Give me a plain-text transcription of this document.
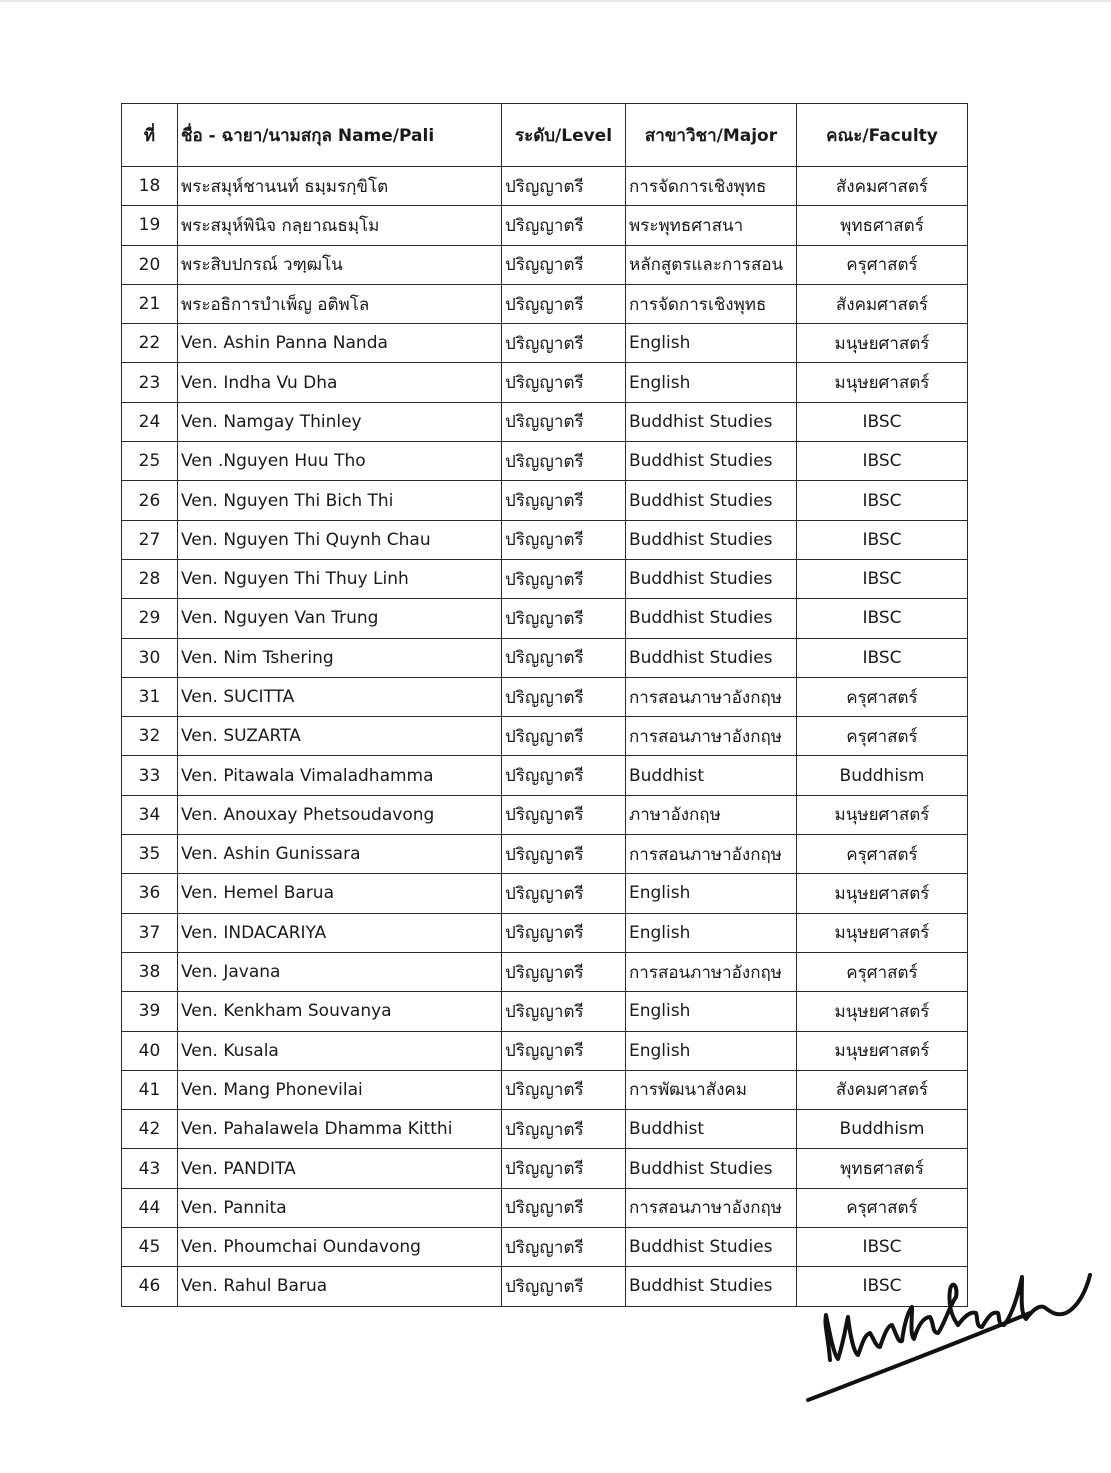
ที่	ชื่อ - ฉายา/นามสกุล Name/Pali	ระดับ/Level	สาขาวิชา/Major	คณะ/Faculty
18	พระสมุห์ชานนท์ ธมฺมรกฺขิโต	ปริญญาตรี	การจัดการเชิงพุทธ	สังคมศาสตร์
19	พระสมุห์พินิจ กลฺยาณธมฺโม	ปริญญาตรี	พระพุทธศาสนา	พุทธศาสตร์
20	พระสิบปกรณ์ วฑฺฒโน	ปริญญาตรี	หลักสูตรและการสอน	ครุศาสตร์
21	พระอธิการบำเพ็ญ อติพโล	ปริญญาตรี	การจัดการเชิงพุทธ	สังคมศาสตร์
22	Ven. Ashin Panna Nanda	ปริญญาตรี	English	มนุษยศาสตร์
23	Ven. Indha Vu Dha	ปริญญาตรี	English	มนุษยศาสตร์
24	Ven. Namgay Thinley	ปริญญาตรี	Buddhist Studies	IBSC
25	Ven .Nguyen Huu Tho	ปริญญาตรี	Buddhist Studies	IBSC
26	Ven. Nguyen Thi Bich Thi	ปริญญาตรี	Buddhist Studies	IBSC
27	Ven. Nguyen Thi Quynh Chau	ปริญญาตรี	Buddhist Studies	IBSC
28	Ven. Nguyen Thi Thuy Linh	ปริญญาตรี	Buddhist Studies	IBSC
29	Ven. Nguyen Van Trung	ปริญญาตรี	Buddhist Studies	IBSC
30	Ven. Nim Tshering	ปริญญาตรี	Buddhist Studies	IBSC
31	Ven. SUCITTA	ปริญญาตรี	การสอนภาษาอังกฤษ	ครุศาสตร์
32	Ven. SUZARTA	ปริญญาตรี	การสอนภาษาอังกฤษ	ครุศาสตร์
33	Ven. Pitawala Vimaladhamma	ปริญญาตรี	Buddhist	Buddhism
34	Ven. Anouxay Phetsoudavong	ปริญญาตรี	ภาษาอังกฤษ	มนุษยศาสตร์
35	Ven. Ashin Gunissara	ปริญญาตรี	การสอนภาษาอังกฤษ	ครุศาสตร์
36	Ven. Hemel Barua	ปริญญาตรี	English	มนุษยศาสตร์
37	Ven. INDACARIYA	ปริญญาตรี	English	มนุษยศาสตร์
38	Ven. Javana	ปริญญาตรี	การสอนภาษาอังกฤษ	ครุศาสตร์
39	Ven. Kenkham Souvanya	ปริญญาตรี	English	มนุษยศาสตร์
40	Ven. Kusala	ปริญญาตรี	English	มนุษยศาสตร์
41	Ven. Mang Phonevilai	ปริญญาตรี	การพัฒนาสังคม	สังคมศาสตร์
42	Ven. Pahalawela Dhamma Kitthi	ปริญญาตรี	Buddhist	Buddhism
43	Ven. PANDITA	ปริญญาตรี	Buddhist Studies	พุทธศาสตร์
44	Ven. Pannita	ปริญญาตรี	การสอนภาษาอังกฤษ	ครุศาสตร์
45	Ven. Phoumchai Oundavong	ปริญญาตรี	Buddhist Studies	IBSC
46	Ven. Rahul Barua	ปริญญาตรี	Buddhist Studies	IBSC
